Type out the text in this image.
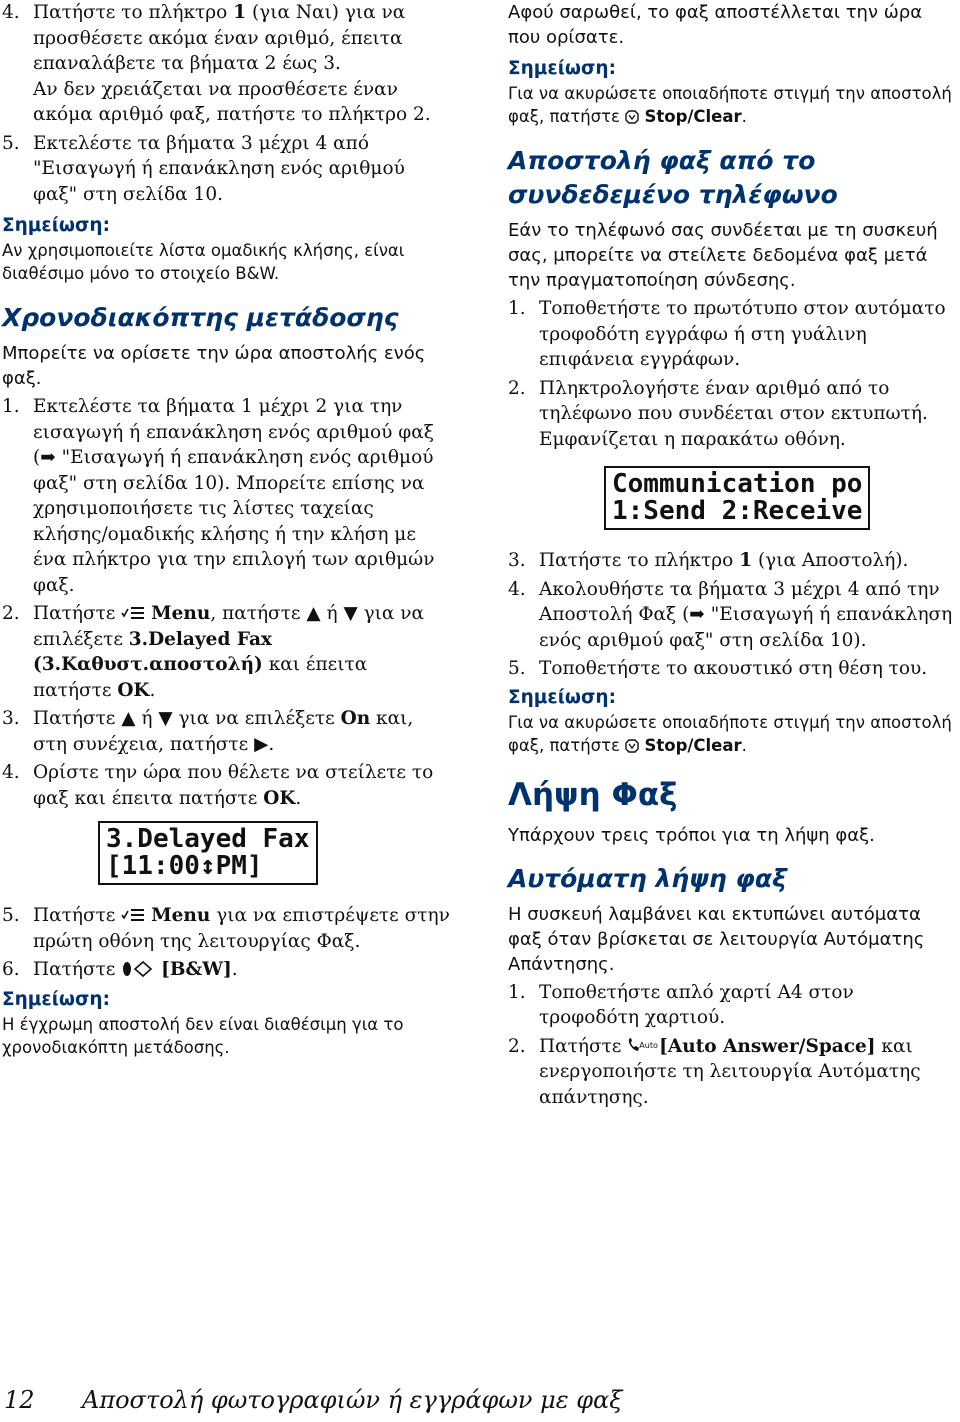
4. Πατήστε το πλήκτρο 1 (για Ναι) για να προσθέσετε ακόμα έναν αριθμό, έπειτα επαναλάβετε τα βήματα 2 έως 3.
Αν δεν χρειάζεται να προσθέσετε έναν ακόμα αριθμό φαξ, πατήστε το πλήκτρο 2.
5. Εκτελέστε τα βήματα 3 μέχρι 4 από "Εισαγωγή ή επανάκληση ενός αριθμού φαξ" στη σελίδα 10.
Σημείωση:
Αν χρησιμοποιείτε λίστα ομαδικής κλήσης, είναι διαθέσιμο μόνο το στοιχείο B&W.
Χρονοδιακόπτης μετάδοσης
Μπορείτε να ορίσετε την ώρα αποστολής ενός φαξ.
1. Εκτελέστε τα βήματα 1 μέχρι 2 για την εισαγωγή ή επανάκληση ενός αριθμού φαξ (➡ "Εισαγωγή ή επανάκληση ενός αριθμού φαξ" στη σελίδα 10). Μπορείτε επίσης να χρησιμοποιήσετε τις λίστες ταχείας κλήσης/ομαδικής κλήσης ή την κλήση με ένα πλήκτρο για την επιλογή των αριθμών φαξ.
2. Πατήστε  Menu, πατήστε ▲ ή ▼ για να επιλέξετε 3.Delayed Fax (3.Καθυστ.αποστολή) και έπειτα πατήστε OK.
3. Πατήστε ▲ ή ▼ για να επιλέξετε On και, στη συνέχεια, πατήστε ▶.
4. Ορίστε την ώρα που θέλετε να στείλετε το φαξ και έπειτα πατήστε OK.
3.Delayed Fax
[11:00↕PM]
5. Πατήστε  Menu για να επιστρέψετε στην πρώτη οθόνη της λειτουργίας Φαξ.
6. Πατήστε  [B&W].
Σημείωση:
Η έγχρωμη αποστολή δεν είναι διαθέσιμη για το χρονοδιακόπτη μετάδοσης.
Αφού σαρωθεί, το φαξ αποστέλλεται την ώρα που ορίσατε.
Σημείωση:
Για να ακυρώσετε οποιαδήποτε στιγμή την αποστολή φαξ, πατήστε  Stop/Clear.
Αποστολή φαξ από το συνδεδεμένο τηλέφωνο
Εάν το τηλέφωνό σας συνδέεται με τη συσκευή σας, μπορείτε να στείλετε δεδομένα φαξ μετά την πραγματοποίηση σύνδεσης.
1. Τοποθετήστε το πρωτότυπο στον αυτόματο τροφοδότη εγγράφω ή στη γυάλινη επιφάνεια εγγράφων.
2. Πληκτρολογήστε έναν αριθμό από το τηλέφωνο που συνδέεται στον εκτυπωτή. Εμφανίζεται η παρακάτω οθόνη.
Communication po
1:Send 2:Receive
3. Πατήστε το πλήκτρο 1 (για Αποστολή).
4. Ακολουθήστε τα βήματα 3 μέχρι 4 από την Αποστολή Φαξ (➡ "Εισαγωγή ή επανάκληση ενός αριθμού φαξ" στη σελίδα 10).
5. Τοποθετήστε το ακουστικό στη θέση του.
Σημείωση:
Για να ακυρώσετε οποιαδήποτε στιγμή την αποστολή φαξ, πατήστε  Stop/Clear.
Λήψη Φαξ
Υπάρχουν τρεις τρόποι για τη λήψη φαξ.
Αυτόματη λήψη φαξ
Η συσκευή λαμβάνει και εκτυπώνει αυτόματα φαξ όταν βρίσκεται σε λειτουργία Αυτόματης Απάντησης.
1. Τοποθετήστε απλό χαρτί A4 στον τροφοδότη χαρτιού.
2. Πατήστε Auto [Auto Answer/Space] και ενεργοποιήστε τη λειτουργία Αυτόματης απάντησης.
12 Αποστολή φωτογραφιών ή εγγράφων με φαξ
